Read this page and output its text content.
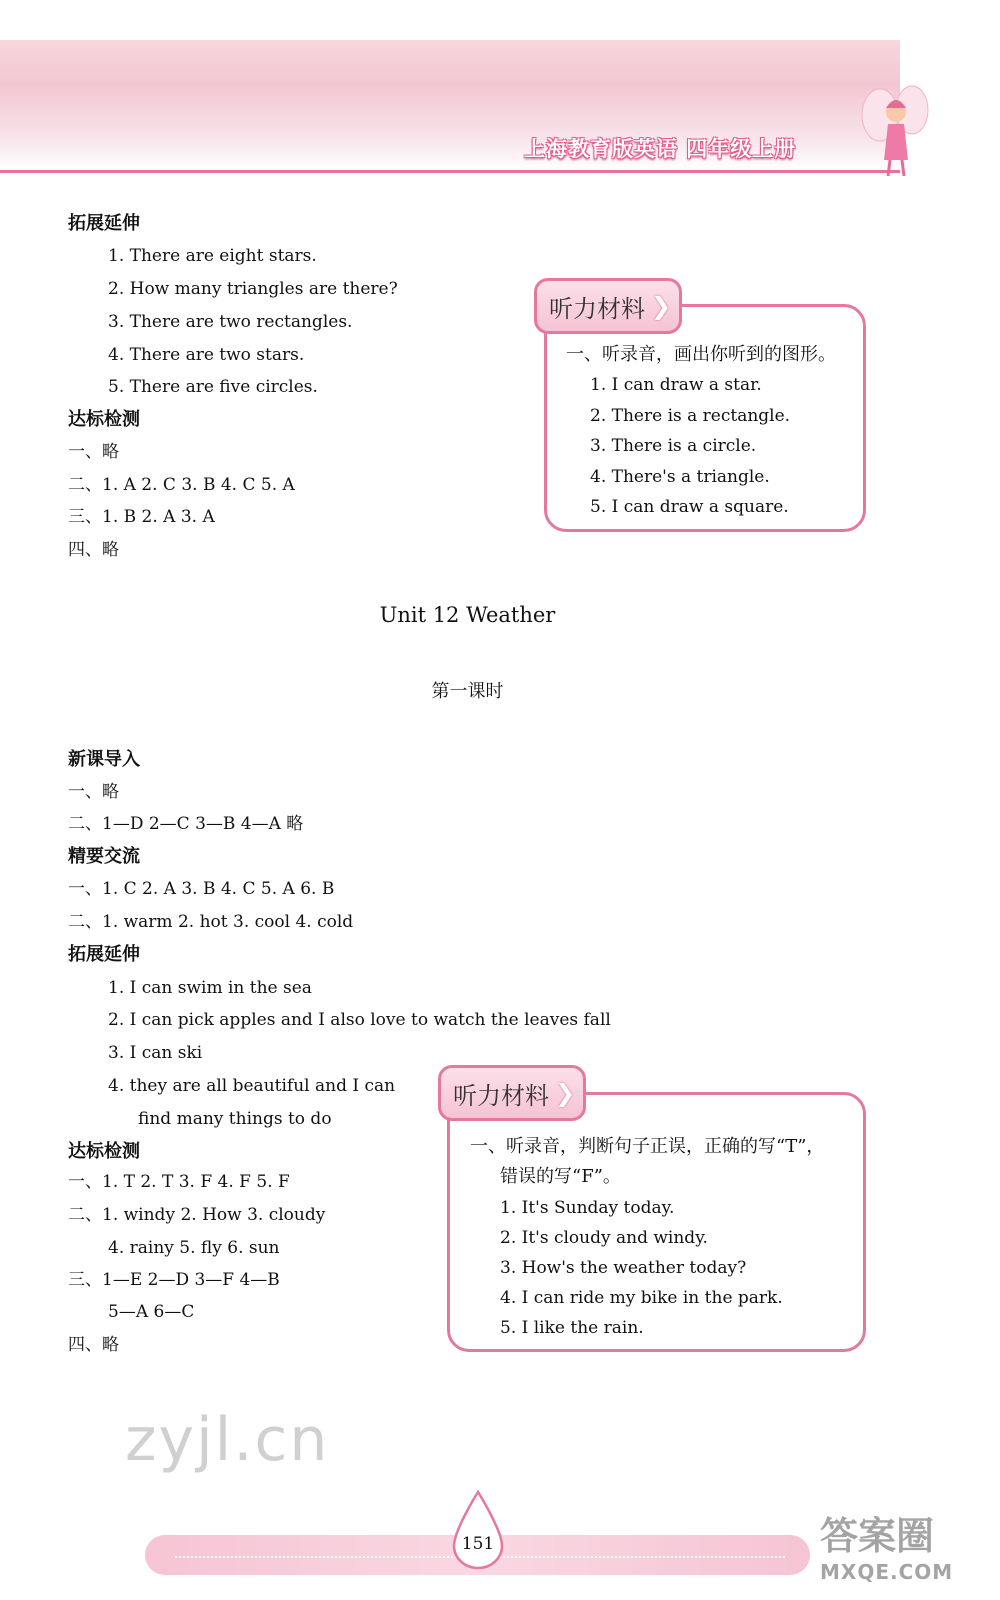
上海教育版英语 四年级上册
拓展延伸
1. There are eight stars.
2. How many triangles are there?
3. There are two rectangles.
4. There are two stars.
5. There are five circles.
达标检测
一、略
二、1. A 2. C 3. B 4. C 5. A
三、1. B 2. A 3. A
四、略
听力材料 ❯
一、听录音，画出你听到的图形。
1. I can draw a star.
2. There is a rectangle.
3. There is a circle.
4. There's a triangle.
5. I can draw a square.
Unit 12 Weather
第一课时
新课导入
一、略
二、1—D 2—C 3—B 4—A 略
精要交流
一、1. C 2. A 3. B 4. C 5. A 6. B
二、1. warm 2. hot 3. cool 4. cold
拓展延伸
1. I can swim in the sea
2. I can pick apples and I also love to watch the leaves fall
3. I can ski
4. they are all beautiful and I can
find many things to do
达标检测
一、1. T 2. T 3. F 4. F 5. F
二、1. windy 2. How 3. cloudy
4. rainy 5. fly 6. sun
三、1—E 2—D 3—F 4—B
5—A 6—C
四、略
听力材料 ❯
一、听录音，判断句子正误，正确的写“T”，
错误的写“F”。
1. It's Sunday today.
2. It's cloudy and windy.
3. How's the weather today?
4. I can ride my bike in the park.
5. I like the rain.
zyjl.cn
151	答案圈
MXQE.COM
